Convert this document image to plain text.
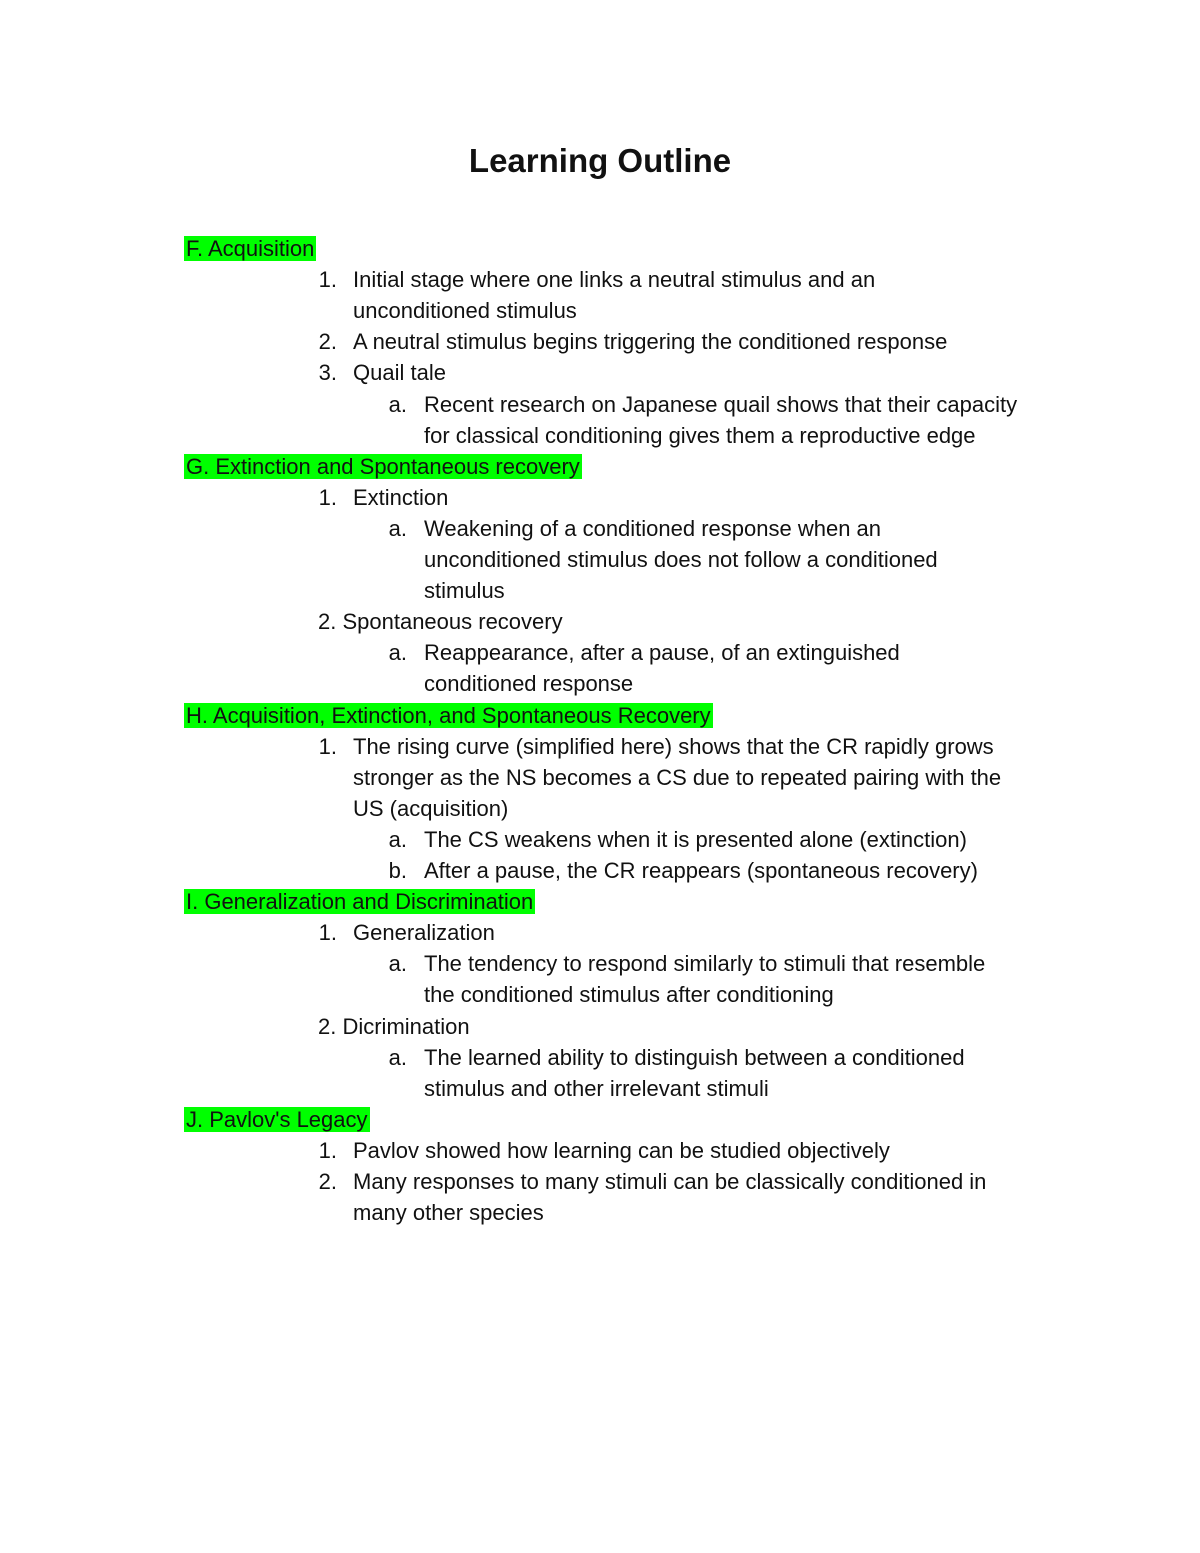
Learning Outline
F. Acquisition
1. Initial stage where one links a neutral stimulus and an
unconditioned stimulus
2. A neutral stimulus begins triggering the conditioned response
3. Quail tale
a. Recent research on Japanese quail shows that their capacity
for classical conditioning gives them a reproductive edge
G. Extinction and Spontaneous recovery
1. Extinction
a. Weakening of a conditioned response when an
unconditioned stimulus does not follow a conditioned
stimulus
2. Spontaneous recovery
a. Reappearance, after a pause, of an extinguished
conditioned response
H. Acquisition, Extinction, and Spontaneous Recovery
1. The rising curve (simplified here) shows that the CR rapidly grows
stronger as the NS becomes a CS due to repeated pairing with the
US (acquisition)
a. The CS weakens when it is presented alone (extinction)
b. After a pause, the CR reappears (spontaneous recovery)
I. Generalization and Discrimination
1. Generalization
a. The tendency to respond similarly to stimuli that resemble
the conditioned stimulus after conditioning
2. Dicrimination
a. The learned ability to distinguish between a conditioned
stimulus and other irrelevant stimuli
J. Pavlov's Legacy
1. Pavlov showed how learning can be studied objectively
2. Many responses to many stimuli can be classically conditioned in
many other species
